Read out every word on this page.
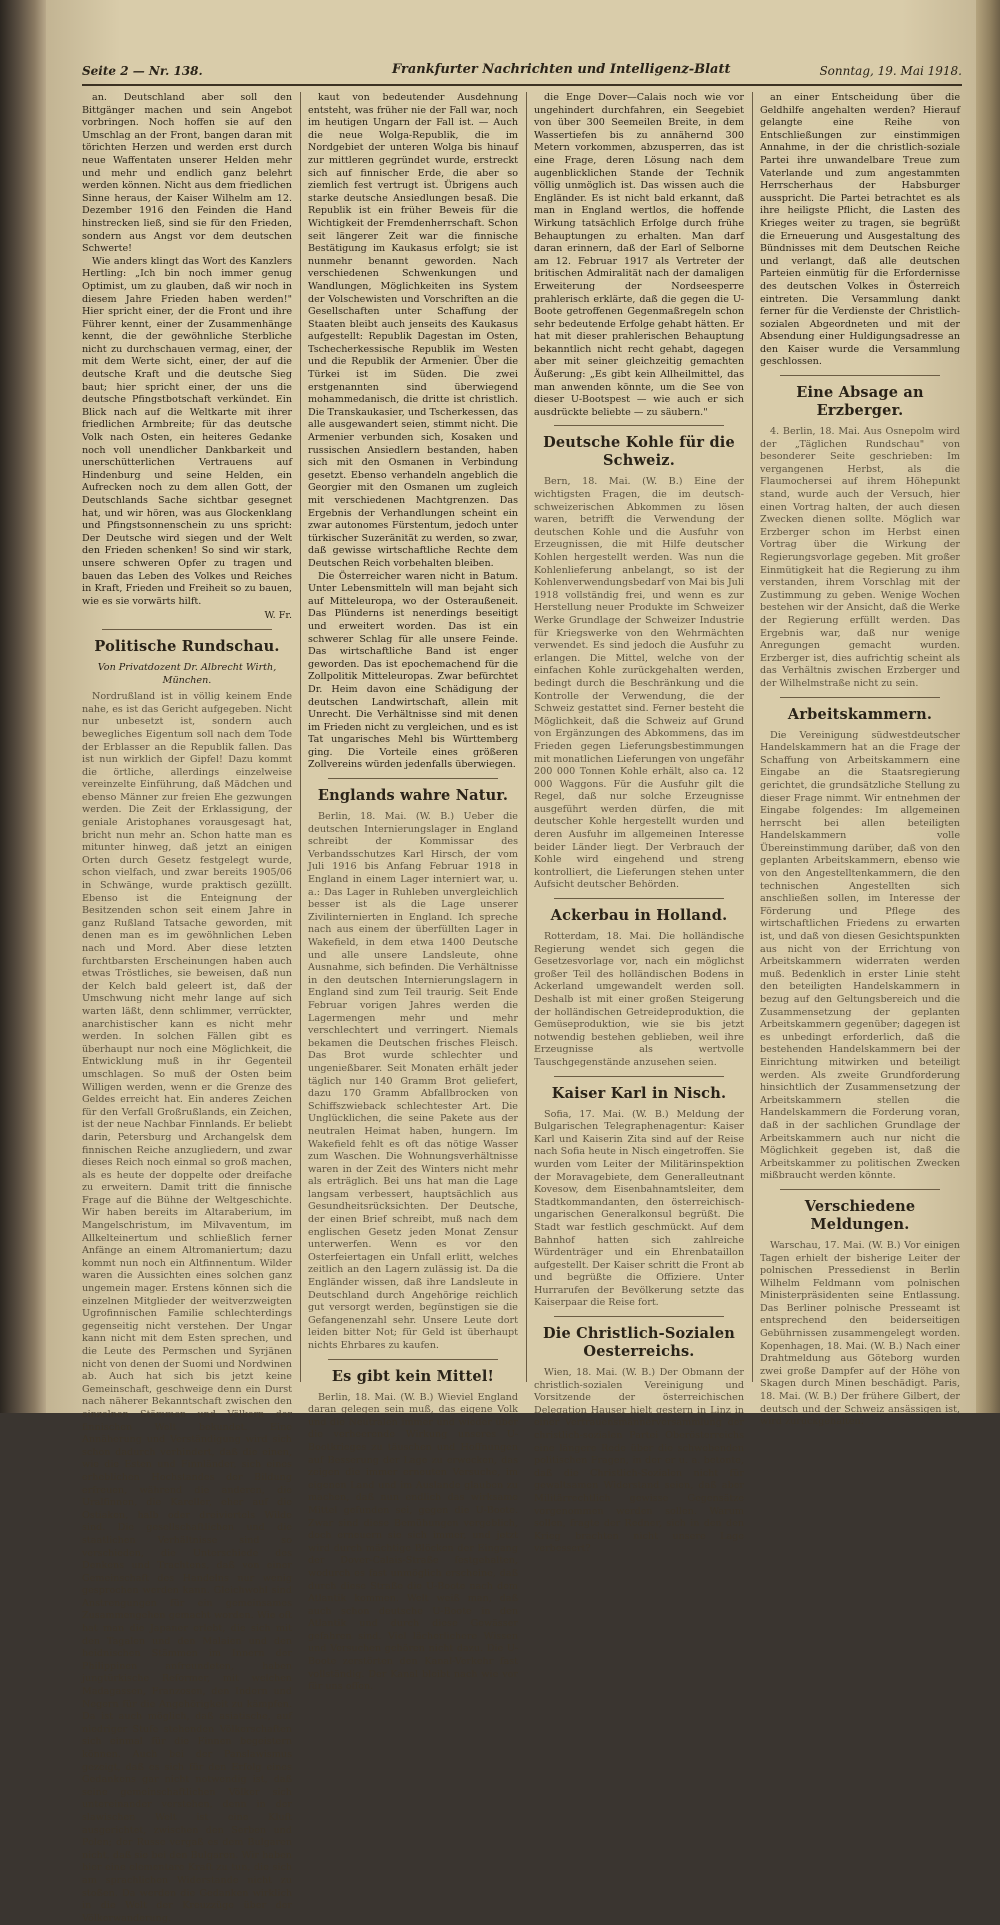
Seite 2 — Nr. 138.	Frankfurter Nachrichten und Intelligenz-Blatt	Sonntag, 19. Mai 1918.

an. Deutschland aber soll den Bittgänger machen und sein Angebot vorbringen. Noch hoffen sie auf den Umschlag an der Front, bangen daran mit törichten Herzen und werden erst durch neue Waffentaten unserer Helden mehr und mehr und endlich ganz belehrt werden können. Nicht aus dem friedlichen Sinne heraus, der Kaiser Wilhelm am 12. Dezember 1916 den Feinden die Hand hinstrecken ließ, sind sie für den Frieden, sondern aus Angst vor dem deutschen Schwerte!

Wie anders klingt das Wort des Kanzlers Hertling: „Ich bin noch immer genug Optimist, um zu glauben, daß wir noch in diesem Jahre Frieden haben werden!" Hier spricht einer, der die Front und ihre Führer kennt, einer der Zusammenhänge kennt, die der gewöhnliche Sterbliche nicht zu durchschauen vermag, einer, der mit dem Werte sicht, einer, der auf die deutsche Kraft und die deutsche Sieg baut; hier spricht einer, der uns die deutsche Pfingstbotschaft verkündet. Ein Blick nach auf die Weltkarte mit ihrer friedlichen Armbreite; für das deutsche Volk nach Osten, ein heiteres Gedanke noch voll unendlicher Dankbarkeit und unerschütterlichen Vertrauens auf Hindenburg und seine Helden, ein Aufrecken noch zu dem allen Gott, der Deutschlands Sache sichtbar gesegnet hat, und wir hören, was aus Glockenklang und Pfingstsonnenschein zu uns spricht: Der Deutsche wird siegen und der Welt den Frieden schenken! So sind wir stark, unsere schweren Opfer zu tragen und bauen das Leben des Volkes und Reiches in Kraft, Frieden und Freiheit so zu bauen, wie es sie vorwärts hilft.

W. Fr.
Politische Rundschau.
Von Privatdozent Dr. Albrecht Wirth, München.

Nordrußland ist in völlig keinem Ende nahe, es ist das Gericht aufgegeben. Nicht nur unbesetzt ist, sondern auch bewegliches Eigentum soll nach dem Tode der Erblasser an die Republik fallen. Das ist nun wirklich der Gipfel! Dazu kommt die örtliche, allerdings einzelweise vereinzelte Einführung, daß Mädchen und ebenso Männer zur freien Ehe gezwungen werden. Die Zeit der Erklassigung, der geniale Aristophanes vorausgesagt hat, bricht nun mehr an. Schon hatte man es mitunter hinweg, daß jetzt an einigen Orten durch Gesetz festgelegt wurde, schon vielfach, und zwar bereits 1905/06 in Schwänge, wurde praktisch gezüllt. Ebenso ist die Enteignung der Besitzenden schon seit einem Jahre in ganz Rußland Tatsache geworden, mit denen man es im gewöhnlichen Leben nach und Mord. Aber diese letzten furchtbarsten Erscheinungen haben auch etwas Tröstliches, sie beweisen, daß nun der Kelch bald geleert ist, daß der Umschwung nicht mehr lange auf sich warten läßt, denn schlimmer, verrückter, anarchistischer kann es nicht mehr werden. In solchen Fällen gibt es überhaupt nur noch eine Möglichkeit, die Entwicklung muß in ihr Gegenteil umschlagen. So muß der Osten beim Willigen werden, wenn er die Grenze des Geldes erreicht hat. Ein anderes Zeichen für den Verfall Großrußlands, ein Zeichen, ist der neue Nachbar Finnlands. Er beliebt darin, Petersburg und Archangelsk dem finnischen Reiche anzugliedern, und zwar dieses Reich noch einmal so groß machen, als es heute der doppelte oder dreifache zu erweitern. Damit tritt die finnische Frage auf die Bühne der Weltgeschichte. Wir haben bereits im Altaraberium, im Mangelschristum, im Milvaventum, im Allkelteinertum und schließlich ferner Anfänge an einem Altromaniertum; dazu kommt nun noch ein Altfinnentum. Wilder waren die Aussichten eines solchen ganz ungemein mager. Erstens können sich die einzelnen Mitglieder der weitverzweigten Ugrofinnischen Familie schlechterdings gegenseitig nicht verstehen. Der Ungar kann nicht mit dem Esten sprechen, und die Leute des Permschen und Syrjänen nicht von denen der Suomi und Nordwinen ab. Auch hat sich bis jetzt keine Gemeinschaft, geschweige denn ein Durst nach näherer Bekanntschaft zwischen den einzelnen Stämmen und Völkern der finnischen Welt bekundet. Eine Annäherung und Verständigung wird sich schon dadurch verhindert, daß die einen, wie die Esten und Finnländer, sich eines erheblichen Hochstandes der Bildung erfreuen, während die anderen, die Uralfinnen, die Kareller, eher auf die Ostiaken, halb oder dreiviertels Wilde sind. Die gesellschaftlichen und die staatlichen Verhältnisse sind so verschieden, die Unterschiede des Denkens und Trachtens, daß von einer Gemeinschaft des Handelns nur wenig gesprochen werden kann. Gleichwohl sind Anstrengungen für ein gemeinsames Zusammengehen gemacht worden. Wie oft hat man die Japaner erlebt, die sich mit den Tagalen und den Malaien und den heidnischen Stämmen im Innern der Philippinen anfreundeten, haben jungtürkische Reformer, mit welchen Madagassen, Franzosen, den Indern und Negern für die Angehörigkeit zu kämpfen. Da ist auch möglich, daß asiatische, auf niedriger Stufe stehenden Völkerschaften sich einmal für die Finnen begeistern können. Auch bei der Panslawismus gezeigt, daß es sich für den Erfolg eines Gedankens gar nicht notwendig ist, daß seine gemeinschaftlichen Völker sich untereinander verstehen, denn in der slawischen Welt ist eine Kluft ausgerichtet, zwischen den Serben und Polen; der Russe vergaß es dem Bulgaren nicht, daß sie bei den Bulgaren. Wir haben hier eine elementare Kraft zu tun, die sich am sprachlichen Widerstande nicht zu stoßen. Da werden die Gedanken wirklich in die Welt der Kreuzzüge über der Völkerwanderung.

kaut von bedeutender Ausdehnung entsteht, was früher nie der Fall war, noch im heutigen Ungarn der Fall ist. — Auch die neue Wolga-Republik, die im Nordgebiet der unteren Wolga bis hinauf zur mittleren gegründet wurde, erstreckt sich auf finnischer Erde, die aber so ziemlich fest vertrugt ist. Übrigens auch starke deutsche Ansiedlungen besaß. Die Republik ist ein früher Beweis für die Wichtigkeit der Fremdenherrschaft. Schon seit längerer Zeit war die finnische Bestätigung im Kaukasus erfolgt; sie ist nunmehr benannt geworden. Nach verschiedenen Schwenkungen und Wandlungen, Möglichkeiten ins System der Volschewisten und Vorschriften an die Gesellschaften unter Schaffung der Staaten bleibt auch jenseits des Kaukasus aufgestellt: Republik Dagestan im Osten, Tschecherkessische Republik im Westen und die Republik der Armenier. Über die Türkei ist im Süden. Die zwei erstgenannten sind überwiegend mohammedanisch, die dritte ist christlich. Die Transkaukasier, und Tscherkessen, das alle ausgewandert seien, stimmt nicht. Die Armenier verbunden sich, Kosaken und russischen Ansiedlern bestanden, haben sich mit den Osmanen in Verbindung gesetzt. Ebenso verhandeln angeblich die Georgier mit den Osmanen um zugleich mit verschiedenen Machtgrenzen. Das Ergebnis der Verhandlungen scheint ein zwar autonomes Fürstentum, jedoch unter türkischer Suzeränität zu werden, so zwar, daß gewisse wirtschaftliche Rechte dem Deutschen Reich vorbehalten bleiben.

Die Österreicher waren nicht in Batum. Unter Lebensmitteln will man bejaht sich auf Mitteleuropa, wo der Osteraußeneit. Das Plünderns ist nenerdings beseitigt und erweitert worden. Das ist ein schwerer Schlag für alle unsere Feinde. Das wirtschaftliche Band ist enger geworden. Das ist epochemachend für die Zollpolitik Mitteleuropas. Zwar befürchtet Dr. Heim davon eine Schädigung der deutschen Landwirtschaft, allein mit Unrecht. Die Verhältnisse sind mit denen im Frieden nicht zu vergleichen, und es ist Tat ungarisches Mehl bis Württemberg ging. Die Vorteile eines größeren Zollvereins würden jedenfalls überwiegen.

Englands wahre Natur.

Berlin, 18. Mai. (W. B.) Ueber die deutschen Internierungslager in England schreibt der Kommissar des Verbandsschutzes Karl Hirsch, der vom Juli 1916 bis Anfang Februar 1918 in England in einem Lager interniert war, u. a.: Das Lager in Ruhleben unvergleichlich besser ist als die Lage unserer Zivilinternierten in England. Ich spreche nach aus einem der überfüllten Lager in Wakefield, in dem etwa 1400 Deutsche und alle unsere Landsleute, ohne Ausnahme, sich befinden. Die Verhältnisse in den deutschen Internierungslagern in England sind zum Teil traurig. Seit Ende Februar vorigen Jahres werden die Lagermengen mehr und mehr verschlechtert und verringert. Niemals bekamen die Deutschen frisches Fleisch. Das Brot wurde schlechter und ungenießbarer. Seit Monaten erhält jeder täglich nur 140 Gramm Brot geliefert, dazu 170 Gramm Abfallbrocken von Schiffszwieback schlechtester Art. Die Unglücklichen, die seine Pakete aus der neutralen Heimat haben, hungern. Im Wakefield fehlt es oft das nötige Wasser zum Waschen. Die Wohnungsverhältnisse waren in der Zeit des Winters nicht mehr als erträglich. Bei uns hat man die Lage langsam verbessert, hauptsächlich aus Gesundheitsrücksichten. Der Deutsche, der einen Brief schreibt, muß nach dem englischen Gesetz jeden Monat Zensur unterwerfen. Wenn es vor den Osterfeiertagen ein Unfall erlitt, welches zeitlich an den Lagern zulässig ist. Da die Engländer wissen, daß ihre Landsleute in Deutschland durch Angehörige reichlich gut versorgt werden, begünstigen sie die Gefangenenzahl sehr. Unsere Leute dort leiden bitter Not; für Geld ist überhaupt nichts Ehrbares zu kaufen.

Es gibt kein Mittel!

Berlin, 18. Mai. (W. B.) Wieviel England daran gelegen sein muß, das eigene Volk und die Neutralen immer und wieder über die verheerende Wirkung unseres U-Bootkrieges zu täuschen und Hoffnungen auf Besserung der Lage zu erwecken, das zeigen die immer erneuten Versuche, im eigenen Land und im Auslande glauben zu machen, daß nun endlich das wirksame Mittel gefunden sei, gegen die U-Boote. Zwar sind diese Bemühungen vergeblich, doch erneuern sie sich immer, und jetzt wird durch mächtige Blöcken der Eingang der Dover-Calais-Straße festgehalten, wodurch es fast unmöglich erscheine, daß durch diese Straße die U-Boote nach dem Atlantik kommen. Welt weiß man, daß auch schon deutsche U-Boote in den Atlantik und durch diese Gewässer gefahren sind. Viel lächerlichere Wissen und Versuchen gehören nicht dazu. Die U-Boote zerstörten den Kanal-Verkehr fast vollständig. Der Kanal bleibt nach wie vor für uns offen.

die Enge Dover—Calais noch wie vor ungehindert durchfahren, ein Seegebiet von über 300 Seemeilen Breite, in dem Wassertiefen bis zu annähernd 300 Metern vorkommen, abzusperren, das ist eine Frage, deren Lösung nach dem augenblicklichen Stande der Technik völlig unmöglich ist. Das wissen auch die Engländer. Es ist nicht bald erkannt, daß man in England wertlos, die hoffende Wirkung tatsächlich Erfolge durch frühe Behauptungen zu erhalten. Man darf daran erinnern, daß der Earl of Selborne am 12. Februar 1917 als Vertreter der britischen Admiralität nach der damaligen Erweiterung der Nordseesperre prahlerisch erklärte, daß die gegen die U-Boote getroffenen Gegenmaßregeln schon sehr bedeutende Erfolge gehabt hätten. Er hat mit dieser prahlerischen Behauptung bekanntlich nicht recht gehabt, dagegen aber mit seiner gleichzeitig gemachten Äußerung: „Es gibt kein Allheilmittel, das man anwenden könnte, um die See von dieser U-Bootspest — wie auch er sich ausdrückte beliebte — zu säubern."

Deutsche Kohle für die Schweiz.

Bern, 18. Mai. (W. B.) Eine der wichtigsten Fragen, die im deutsch-schweizerischen Abkommen zu lösen waren, betrifft die Verwendung der deutschen Kohle und die Ausfuhr von Erzeugnissen, die mit Hilfe deutscher Kohlen hergestellt werden. Was nun die Kohlenlieferung anbelangt, so ist der Kohlenverwendungsbedarf von Mai bis Juli 1918 vollständig frei, und wenn es zur Herstellung neuer Produkte im Schweizer Werke Grundlage der Schweizer Industrie für Kriegswerke von den Wehrmächten verwendet. Es sind jedoch die Ausfuhr zu erlangen. Die Mittel, welche von der einfachen Kohle zurückgehalten werden, bedingt durch die Beschränkung und die Kontrolle der Verwendung, die der Schweiz gestattet sind. Ferner besteht die Möglichkeit, daß die Schweiz auf Grund von Ergänzungen des Abkommens, das im Frieden gegen Lieferungsbestimmungen mit monatlichen Lieferungen von ungefähr 200 000 Tonnen Kohle erhält, also ca. 12 000 Waggons. Für die Ausfuhr gilt die Regel, daß nur solche Erzeugnisse ausgeführt werden dürfen, die mit deutscher Kohle hergestellt wurden und deren Ausfuhr im allgemeinen Interesse beider Länder liegt. Der Verbrauch der Kohle wird eingehend und streng kontrolliert, die Lieferungen stehen unter Aufsicht deutscher Behörden.

Ackerbau in Holland.

Rotterdam, 18. Mai. Die holländische Regierung wendet sich gegen die Gesetzesvorlage vor, nach ein möglichst großer Teil des holländischen Bodens in Ackerland umgewandelt werden soll. Deshalb ist mit einer großen Steigerung der holländischen Getreideproduktion, die Gemüseproduktion, wie sie bis jetzt notwendig bestehen geblieben, weil ihre Erzeugnisse als wertvolle Tauschgegenstände anzusehen seien.

Kaiser Karl in Nisch.

Sofia, 17. Mai. (W. B.) Meldung der Bulgarischen Telegraphenagentur: Kaiser Karl und Kaiserin Zita sind auf der Reise nach Sofia heute in Nisch eingetroffen. Sie wurden vom Leiter der Militärinspektion der Moravagebiete, dem Generalleutnant Kovesow, dem Eisenbahnamtsleiter, dem Stadtkommandanten, den österreichisch-ungarischen Generalkonsul begrüßt. Die Stadt war festlich geschmückt. Auf dem Bahnhof hatten sich zahlreiche Würdenträger und ein Ehrenbataillon aufgestellt. Der Kaiser schritt die Front ab und begrüßte die Offiziere. Unter Hurrarufen der Bevölkerung setzte das Kaiserpaar die Reise fort.

Die Christlich-Sozialen Oesterreichs.

Wien, 18. Mai. (W. B.) Der Obmann der christlich-sozialen Vereinigung und Vorsitzende der österreichischen Delegation Hauser hielt gestern in Linz in einer Vertrauensmännerversammlung der christlich-sozialen Partei Oberösterreichs eine längere Rede über die schwebenden politischen Fragen, in der er u. a. betonte, daß die Christlich-Sozialen nicht für gewaltsamen Widerstand seien, daß aber Militärrechtlich gewisse Gegensätze vorgenommen werden sollen. Warum sollen, fragte der Redner, sich in den den Krieg brachten nicht unsere Lage verbessert?

an einer Entscheidung über die Geldhilfe angehalten werden? Hierauf gelangte eine Reihe von Entschließungen zur einstimmigen Annahme, in der die christlich-soziale Partei ihre unwandelbare Treue zum Vaterlande und zum angestammten Herrscherhaus der Habsburger ausspricht. Die Partei betrachtet es als ihre heiligste Pflicht, die Lasten des Krieges weiter zu tragen, sie begrüßt die Erneuerung und Ausgestaltung des Bündnisses mit dem Deutschen Reiche und verlangt, daß alle deutschen Parteien einmütig für die Erfordernisse des deutschen Volkes in Österreich eintreten. Die Versammlung dankt ferner für die Verdienste der Christlich-sozialen Abgeordneten und mit der Absendung einer Huldigungsadresse an den Kaiser wurde die Versammlung geschlossen.

Eine Absage an Erzberger.

4. Berlin, 18. Mai. Aus Osnepolm wird der „Täglichen Rundschau" von besonderer Seite geschrieben: Im vergangenen Herbst, als die Flaumochersei auf ihrem Höhepunkt stand, wurde auch der Versuch, hier einen Vortrag halten, der auch diesen Zwecken dienen sollte. Möglich war Erzberger schon im Herbst einen Vortrag über die Wirkung der Regierungsvorlage gegeben. Mit großer Einmütigkeit hat die Regierung zu ihm verstanden, ihrem Vorschlag mit der Zustimmung zu geben. Wenige Wochen bestehen wir der Ansicht, daß die Werke der Regierung erfüllt werden. Das Ergebnis war, daß nur wenige Anregungen gemacht wurden. Erzberger ist, dies aufrichtig scheint als das Verhältnis zwischen Erzberger und der Wilhelmstraße nicht zu sein.

Arbeitskammern.

Die Vereinigung südwestdeutscher Handelskammern hat an die Frage der Schaffung von Arbeitskammern eine Eingabe an die Staatsregierung gerichtet, die grundsätzliche Stellung zu dieser Frage nimmt. Wir entnehmen der Eingabe folgendes: Im allgemeinen herrscht bei allen beteiligten Handelskammern volle Übereinstimmung darüber, daß von den geplanten Arbeitskammern, ebenso wie von den Angestelltenkammern, die den technischen Angestellten sich anschließen sollen, im Interesse der Förderung und Pflege des wirtschaftlichen Friedens zu erwarten ist, und daß von diesen Gesichtspunkten aus nicht von der Errichtung von Arbeitskammern widerraten werden muß. Bedenklich in erster Linie steht den beteiligten Handelskammern in bezug auf den Geltungsbereich und die Zusammensetzung der geplanten Arbeitskammern gegenüber; dagegen ist es unbedingt erforderlich, daß die bestehenden Handelskammern bei der Einrichtung mitwirken und beteiligt werden. Als zweite Grundforderung hinsichtlich der Zusammensetzung der Arbeitskammern stellen die Handelskammern die Forderung voran, daß in der sachlichen Grundlage der Arbeitskammern auch nur nicht die Möglichkeit gegeben ist, daß die Arbeitskammer zu politischen Zwecken mißbraucht werden könnte.

Verschiedene Meldungen.

Warschau, 17. Mai. (W. B.) Vor einigen Tagen erhielt der bisherige Leiter der polnischen Pressedienst in Berlin Wilhelm Feldmann vom polnischen Ministerpräsidenten seine Entlassung. Das Berliner polnische Presseamt ist entsprechend den beiderseitigen Gebührnissen zusammengelegt worden. Kopenhagen, 18. Mai. (W. B.) Nach einer Drahtmeldung aus Göteborg wurden zwei große Dampfer auf der Höhe von Skagen durch Minen beschädigt. Paris, 18. Mai. (W. B.) Der frühere Gilbert, der deutsch und der Schweiz ansässigen ist, wird zurückgehalten.
